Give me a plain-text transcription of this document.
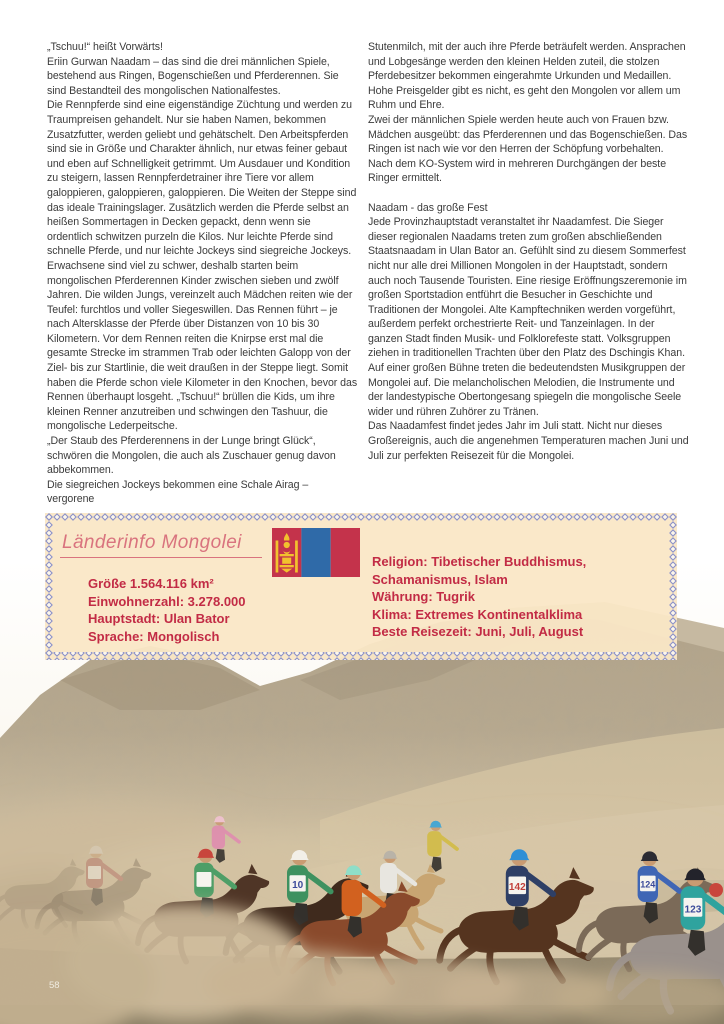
„Tschuu!“ heißt Vorwärts!

Eriin Gurwan Naadam – das sind die drei männlichen Spiele, bestehend aus Ringen, Bogenschießen und Pferderennen. Sie sind Bestandteil des mongolischen Nationalfestes.

Die Rennpferde sind eine eigenständige Züchtung und werden zu Traumpreisen gehandelt. Nur sie haben Namen, bekommen Zusatzfutter, werden geliebt und gehätschelt. Den Arbeitspferden sind sie in Größe und Charakter ähnlich, nur etwas feiner gebaut und eben auf Schnelligkeit getrimmt. Um Ausdauer und Kondition zu steigern, lassen Rennpferdetrainer ihre Tiere vor allem galoppieren, galoppieren, galoppieren. Die Weiten der Steppe sind das ideale Trainingslager. Zusätzlich werden die Pferde selbst an heißen Sommertagen in Decken gepackt, denn wenn sie ordentlich schwitzen purzeln die Kilos. Nur leichte Pferde sind schnelle Pferde, und nur leichte Jockeys sind siegreiche Jockeys. Erwachsene sind viel zu schwer, deshalb starten beim mongolischen Pferderennen Kinder zwischen sieben und zwölf Jahren. Die wilden Jungs, vereinzelt auch Mädchen reiten wie der Teufel: furchtlos und voller Siegeswillen. Das Rennen führt – je nach Altersklasse der Pferde über Distanzen von 10 bis 30 Kilometern. Vor dem Rennen reiten die Knirpse erst mal die gesamte Strecke im strammen Trab oder leichten Galopp von der Ziel- bis zur Startlinie, die weit draußen in der Steppe liegt. Somit haben die Pferde schon viele Kilometer in den Knochen, bevor das Rennen überhaupt losgeht. „Tschuu!“ brüllen die Kids, um ihre kleinen Renner anzutreiben und schwingen den Tashuur, die mongolische Lederpeitsche.

„Der Staub des Pferderennens in der Lunge bringt Glück“, schwören die Mongolen, die auch als Zuschauer genug davon abbekommen.

Die siegreichen Jockeys bekommen eine Schale Airag – vergorene

Stutenmilch, mit der auch ihre Pferde beträufelt werden. Ansprachen und Lobgesänge werden den kleinen Helden zuteil, die stolzen Pferdebesitzer bekommen eingerahmte Urkunden und Medaillen. Hohe Preisgelder gibt es nicht, es geht den Mongolen vor allem um Ruhm und Ehre.

Zwei der männlichen Spiele werden heute auch von Frauen bzw. Mädchen ausgeübt: das Pferderennen und das Bogenschießen. Das Ringen ist nach wie vor den Herren der Schöpfung vorbehalten. Nach dem KO-System wird in mehreren Durchgängen der beste Ringer ermittelt.

Naadam - das große Fest

Jede Provinzhauptstadt veranstaltet ihr Naadamfest. Die Sieger dieser regionalen Naadams treten zum großen abschließenden Staatsnaadam in Ulan Bator an. Gefühlt sind zu diesem Sommerfest nicht nur alle drei Millionen Mongolen in der Hauptstadt, sondern auch noch Tausende Touristen. Eine riesige Eröffnungszeremonie im großen Sportstadion entführt die Besucher in Geschichte und Traditionen der Mongolei. Alte Kampftechniken werden vorgeführt, außerdem perfekt orchestrierte Reit- und Tanzeinlagen. In der ganzen Stadt finden Musik- und Folklorefeste statt. Volksgruppen ziehen in traditionellen Trachten über den Platz des Dschingis Khan. Auf einer großen Bühne treten die bedeutendsten Musikgruppen der Mongolei auf. Die melancholischen Melodien, die Instrumente und der landestypische Obertongesang spiegeln die mongolische Seele wider und rühren Zuhörer zu Tränen.

Das Naadamfest findet jedes Jahr im Juli statt. Nicht nur dieses Großereignis, auch die angenehmen Temperaturen machen Juni und Juli zur perfekten Reisezeit für die Mongolei.

10	142	124
123
Länderinfo Mongolei
Größe 1.564.116 km²
Einwohnerzahl: 3.278.000
Hauptstadt: Ulan Bator
Sprache: Mongolisch
Religion: Tibetischer Buddhismus,
Schamanismus, Islam
Währung: Tugrik
Klima: Extremes Kontinentalklima
Beste Reisezeit: Juni, Juli, August
58
